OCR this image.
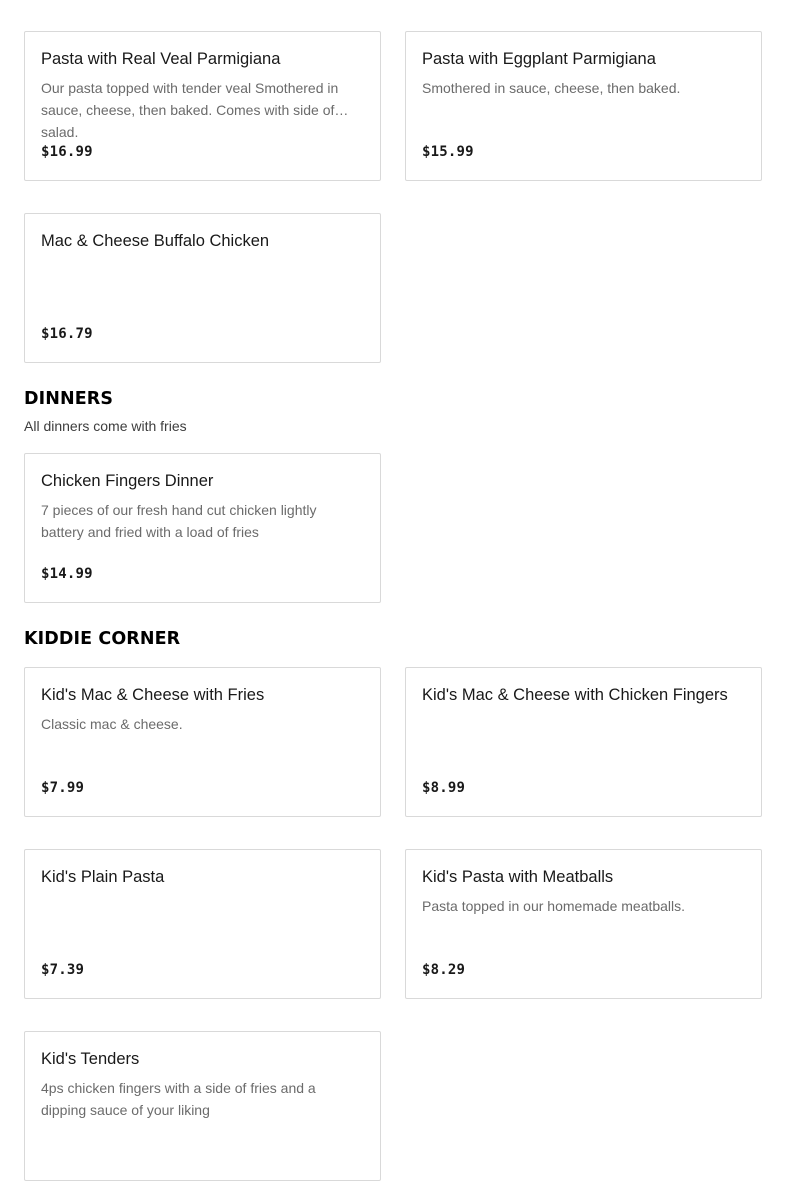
Pasta with Real Veal Parmigiana
Our pasta topped with tender veal Smothered in sauce, cheese, then baked. Comes with side of salad.
$16.99
Pasta with Eggplant Parmigiana
Smothered in sauce, cheese, then baked.
$15.99
Mac & Cheese Buffalo Chicken
$16.79
DINNERS

All dinners come with fries

Chicken Fingers Dinner
7 pieces of our fresh hand cut chicken lightly battery and fried with a load of fries
$14.99
KIDDIE CORNER
Kid's Mac & Cheese with Fries
Classic mac & cheese.
$7.99
Kid's Mac & Cheese with Chicken Fingers
$8.99
Kid's Plain Pasta
$7.39
Kid's Pasta with Meatballs
Pasta topped in our homemade meatballs.
$8.29
Kid's Tenders
4ps chicken fingers with a side of fries and a dipping sauce of your liking
